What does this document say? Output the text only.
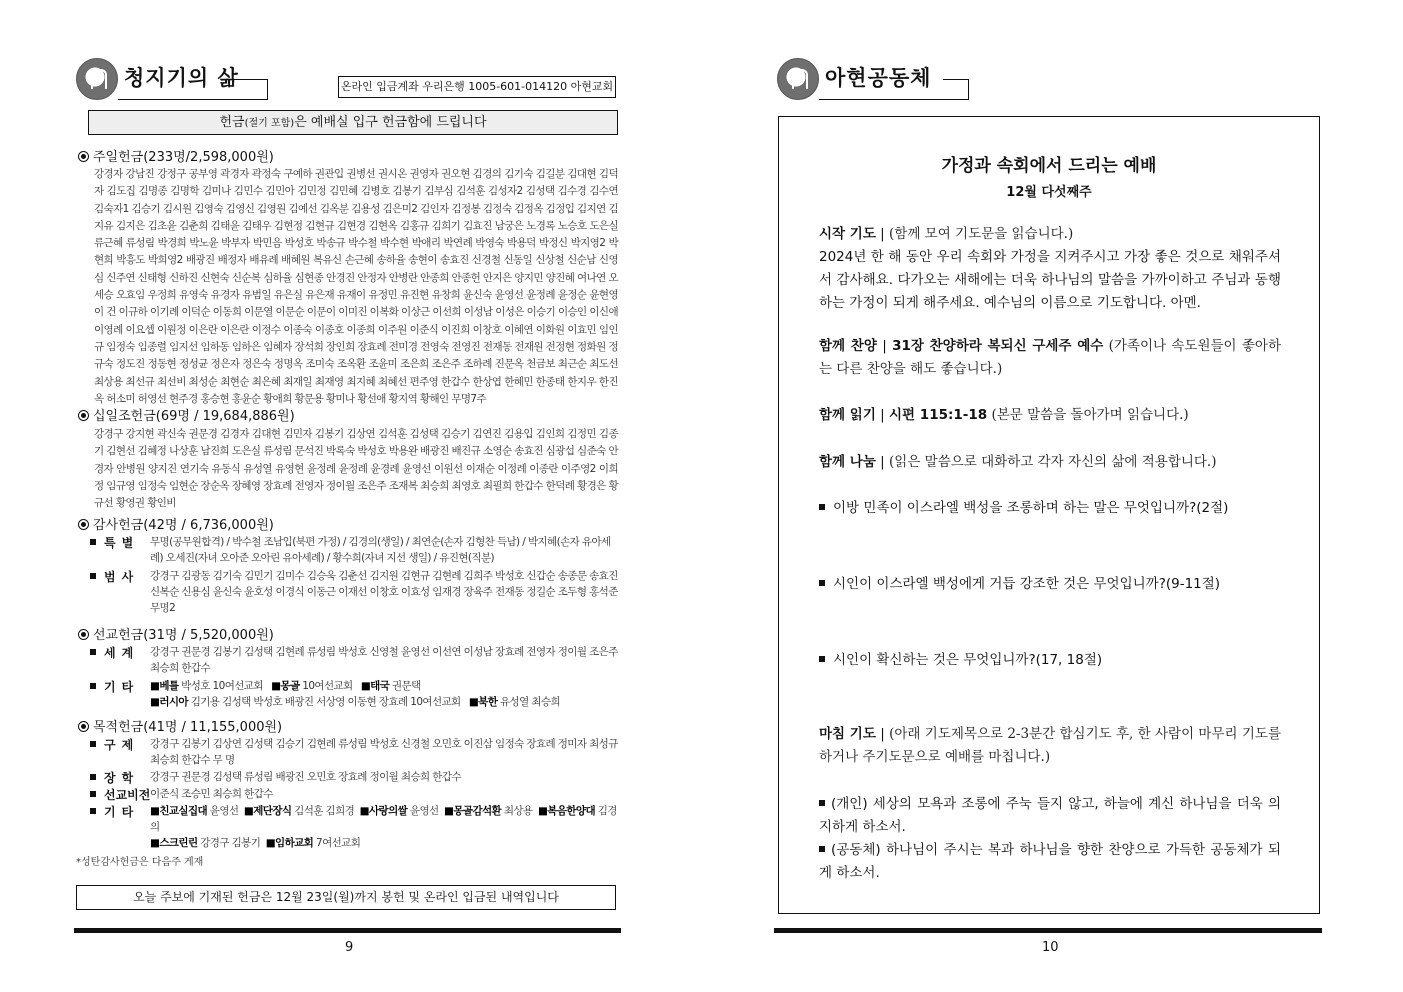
청지기의 삶	온라인 입금계좌 우리은행 1005-601-014120 아현교회
헌금(절기 포함)은 예배실 입구 헌금함에 드립니다
주일헌금(233명/2,598,000원)
강경자 강남진 강정구 공부영 곽경자 곽정숙 구예하 권관입 권병선 권시온 권영자 권오현 김경의 김기숙 김길분 김대현 김덕자 김도집 김명종 김명학 김미나 김민수 김민아 김민정 김민혜 김병호 김봉기 김부심 김석훈 김성자2 김성택 김수경 김수연 김숙자1 김승기 김시원 김영숙 김영신 김영원 김예선 김옥분 김용성 김은미2 김인자 김정봉 김정숙 김정옥 김정입 김지연 김지유 김지은 김초윤 김춘희 김태윤 김태우 김현정 김현규 김현경 김현옥 김홍규 김희기 김효진 남궁은 노경록 노승호 도은실 류근혜 류성림 박경희 박노윤 박부자 박민음 박성호 박송규 박수철 박수현 박애리 박연례 박영숙 박용덕 박정신 박지영2 박현희 박흥도 박희영2 배광진 배정자 배유례 배혜원 복유신 손근혜 송하율 송현이 송효진 신경철 신동일 신상철 신순남 신영심 신주연 신태형 신하진 신현숙 신순복 심하율 심현종 안경진 안정자 안병란 안종희 안종헌 안지은 양지민 양진혜 여나연 오세승 오효임 우정희 유영숙 유경자 유범일 유은실 유은재 유재이 유정민 유진현 유창희 윤신숙 윤영선 윤정례 윤정순 윤현영 이 건 이규하 이기례 이덕순 이동희 이문열 이문순 이문이 이미진 이복화 이상근 이선희 이성남 이성은 이승기 이승인 이신애 이영례 이요셉 이원정 이은란 이은란 이정수 이종숙 이종호 이종희 이주원 이준식 이진희 이창호 이혜연 이화원 이효민 임인규 임정숙 임종렬 임지선 임하동 임하은 임혜자 장석희 장인희 장효례 전미경 전영숙 전영진 전재동 전재원 전정현 정화원 정규숙 정도진 정동현 정성균 정은자 정은숙 정명옥 조미숙 조옥환 조윤미 조은희 조은주 조하례 진문옥 천금보 최근순 최도선 최상용 최선규 최선비 최성순 최현순 최은혜 최재일 최재영 최지혜 최혜선 편주영 한갑수 한상엽 한혜민 한종태 한지우 한진옥 허소미 허영선 현주경 홍승현 홍윤순 황애희 황문용 황미나 황선애 황지역 황해인 무명7주
십일조헌금(69명 / 19,684,886원)
강경구 강지현 곽신숙 권문경 김경자 김대현 김민자 김봉기 김상연 김석훈 김성택 김승기 김연진 김용입 김인희 김정민 김종기 김현선 김혜정 나상훈 남진희 도은실 류성림 문석진 박록숙 박성호 박용완 배광진 배진규 소영순 송효진 심광섭 심준숙 안경자 안병원 양지진 연기숙 유동식 유성열 유영현 윤정례 윤정례 윤경례 윤영선 이원선 이재순 이정례 이종란 이주영2 이희정 임규영 임정숙 임현순 장순옥 장혜영 장효례 전영자 정이월 조은주 조재복 최승희 최영호 최필희 한갑수 한덕례 황경은 황규선 황영권 황인비
감사헌금(42명 / 6,736,000원)
특별	무명(공무원합격) / 박수철 조남입(북편 가정) / 김경의(생일) / 최연순(손자 김형찬 득남) / 박지혜(손자 유아세례) 오세진(자녀 오아준 오아린 유아세례) / 황수희(자녀 지선 생일) / 유진현(직분)
범사	강경구 김광동 김기숙 김민기 김미수 김승욱 김춘선 김지원 김현규 김현례 김희주 박성호 신갑순 송종문 송효진 신복순 신용심 윤신숙 윤호성 이경식 이동근 이재선 이창호 이효성 임재경 장육주 전재동 정길순 조두형 홍석준 무명2
선교헌금(31명 / 5,520,000원)
세계	강경구 권문경 김봉기 김성택 김현례 류성림 박성호 신영철 윤영선 이선연 이성남 장효례 전영자 정이월 조은주 최승희 한갑수
기타	■베틀 박성호 10여선교회 ■몽골 10여선교회 ■태국 권문택
■러시아 김기용 김성택 박성호 배광진 서상영 이동현 장효례 10여선교회 ■북한 유성열 최승희
목적헌금(41명 / 11,155,000원)
구제	강경구 김봉기 김상연 김성택 김승기 김현례 류성림 박성호 신경철 오민호 이진삼 임정숙 장효례 정미자 최성규 최승희 한갑수 무 명
장학	강경구 권문경 김성택 류성림 배광진 오민호 장효례 정이월 최승희 한갑수
선교비전 이준식 조승민 최승희 한갑수
기타	■친교실집대 윤영선 ■제단장식 김석훈 김희경 ■사랑의쌀 윤영선 ■몽골감석환 최상용 ■복음한양대 김경의
■스크린린 강경구 김봉기 ■임하교회 7여선교회
*성탄감사헌금은 다음주 게재
오늘 주보에 기재된 헌금은 12월 23일(월)까지 봉헌 및 온라인 입금된 내역입니다
9
아현공동체
가정과 속회에서 드리는 예배
12월 다섯째주
시작 기도 | (함께 모여 기도문을 읽습니다.)
2024년 한 해 동안 우리 속회와 가정을 지켜주시고 가장 좋은 것으로 채워주셔서 감사해요. 다가오는 새해에는 더욱 하나님의 말씀을 가까이하고 주님과 동행하는 가정이 되게 해주세요. 예수님의 이름으로 기도합니다. 아멘.
함께 찬양 | 31장 찬양하라 복되신 구세주 예수 (가족이나 속도원들이 좋아하는 다른 찬양을 해도 좋습니다.)
함께 읽기 | 시편 115:1-18 (본문 말씀을 돌아가며 읽습니다.)
함께 나눔 | (읽은 말씀으로 대화하고 각자 자신의 삶에 적용합니다.)
이방 민족이 이스라엘 백성을 조롱하며 하는 말은 무엇입니까?(2절)
시인이 이스라엘 백성에게 거듭 강조한 것은 무엇입니까?(9-11절)
시인이 확신하는 것은 무엇입니까?(17, 18절)
마침 기도 | (아래 기도제목으로 2-3분간 합심기도 후, 한 사람이 마무리 기도를 하거나 주기도문으로 예배를 마칩니다.)
(개인) 세상의 모욕과 조롱에 주눅 들지 않고, 하늘에 계신 하나님을 더욱 의지하게 하소서.
(공동체) 하나님이 주시는 복과 하나님을 향한 찬양으로 가득한 공동체가 되게 하소서.
10
